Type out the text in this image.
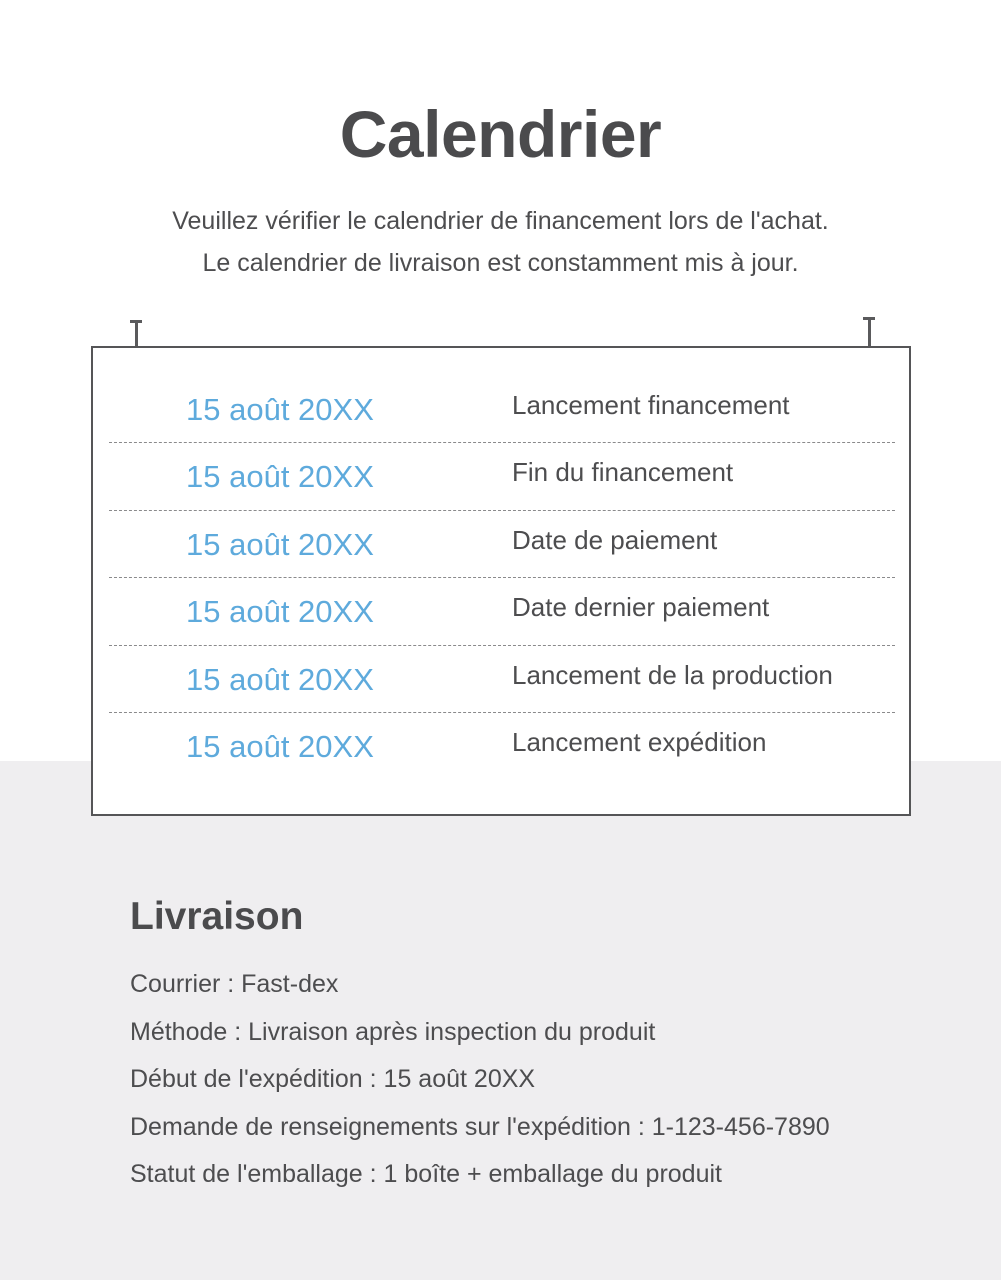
Calendrier
Veuillez vérifier le calendrier de financement lors de l'achat.
Le calendrier de livraison est constamment mis à jour.
15 août 20XX	Lancement financement
15 août 20XX	Fin du financement
15 août 20XX	Date de paiement
15 août 20XX	Date dernier paiement
15 août 20XX	Lancement de la production
15 août 20XX	Lancement expédition
Livraison
Courrier : Fast-dex
Méthode : Livraison après inspection du produit
Début de l'expédition : 15 août 20XX
Demande de renseignements sur l'expédition : 1-123-456-7890
Statut de l'emballage : 1 boîte + emballage du produit
